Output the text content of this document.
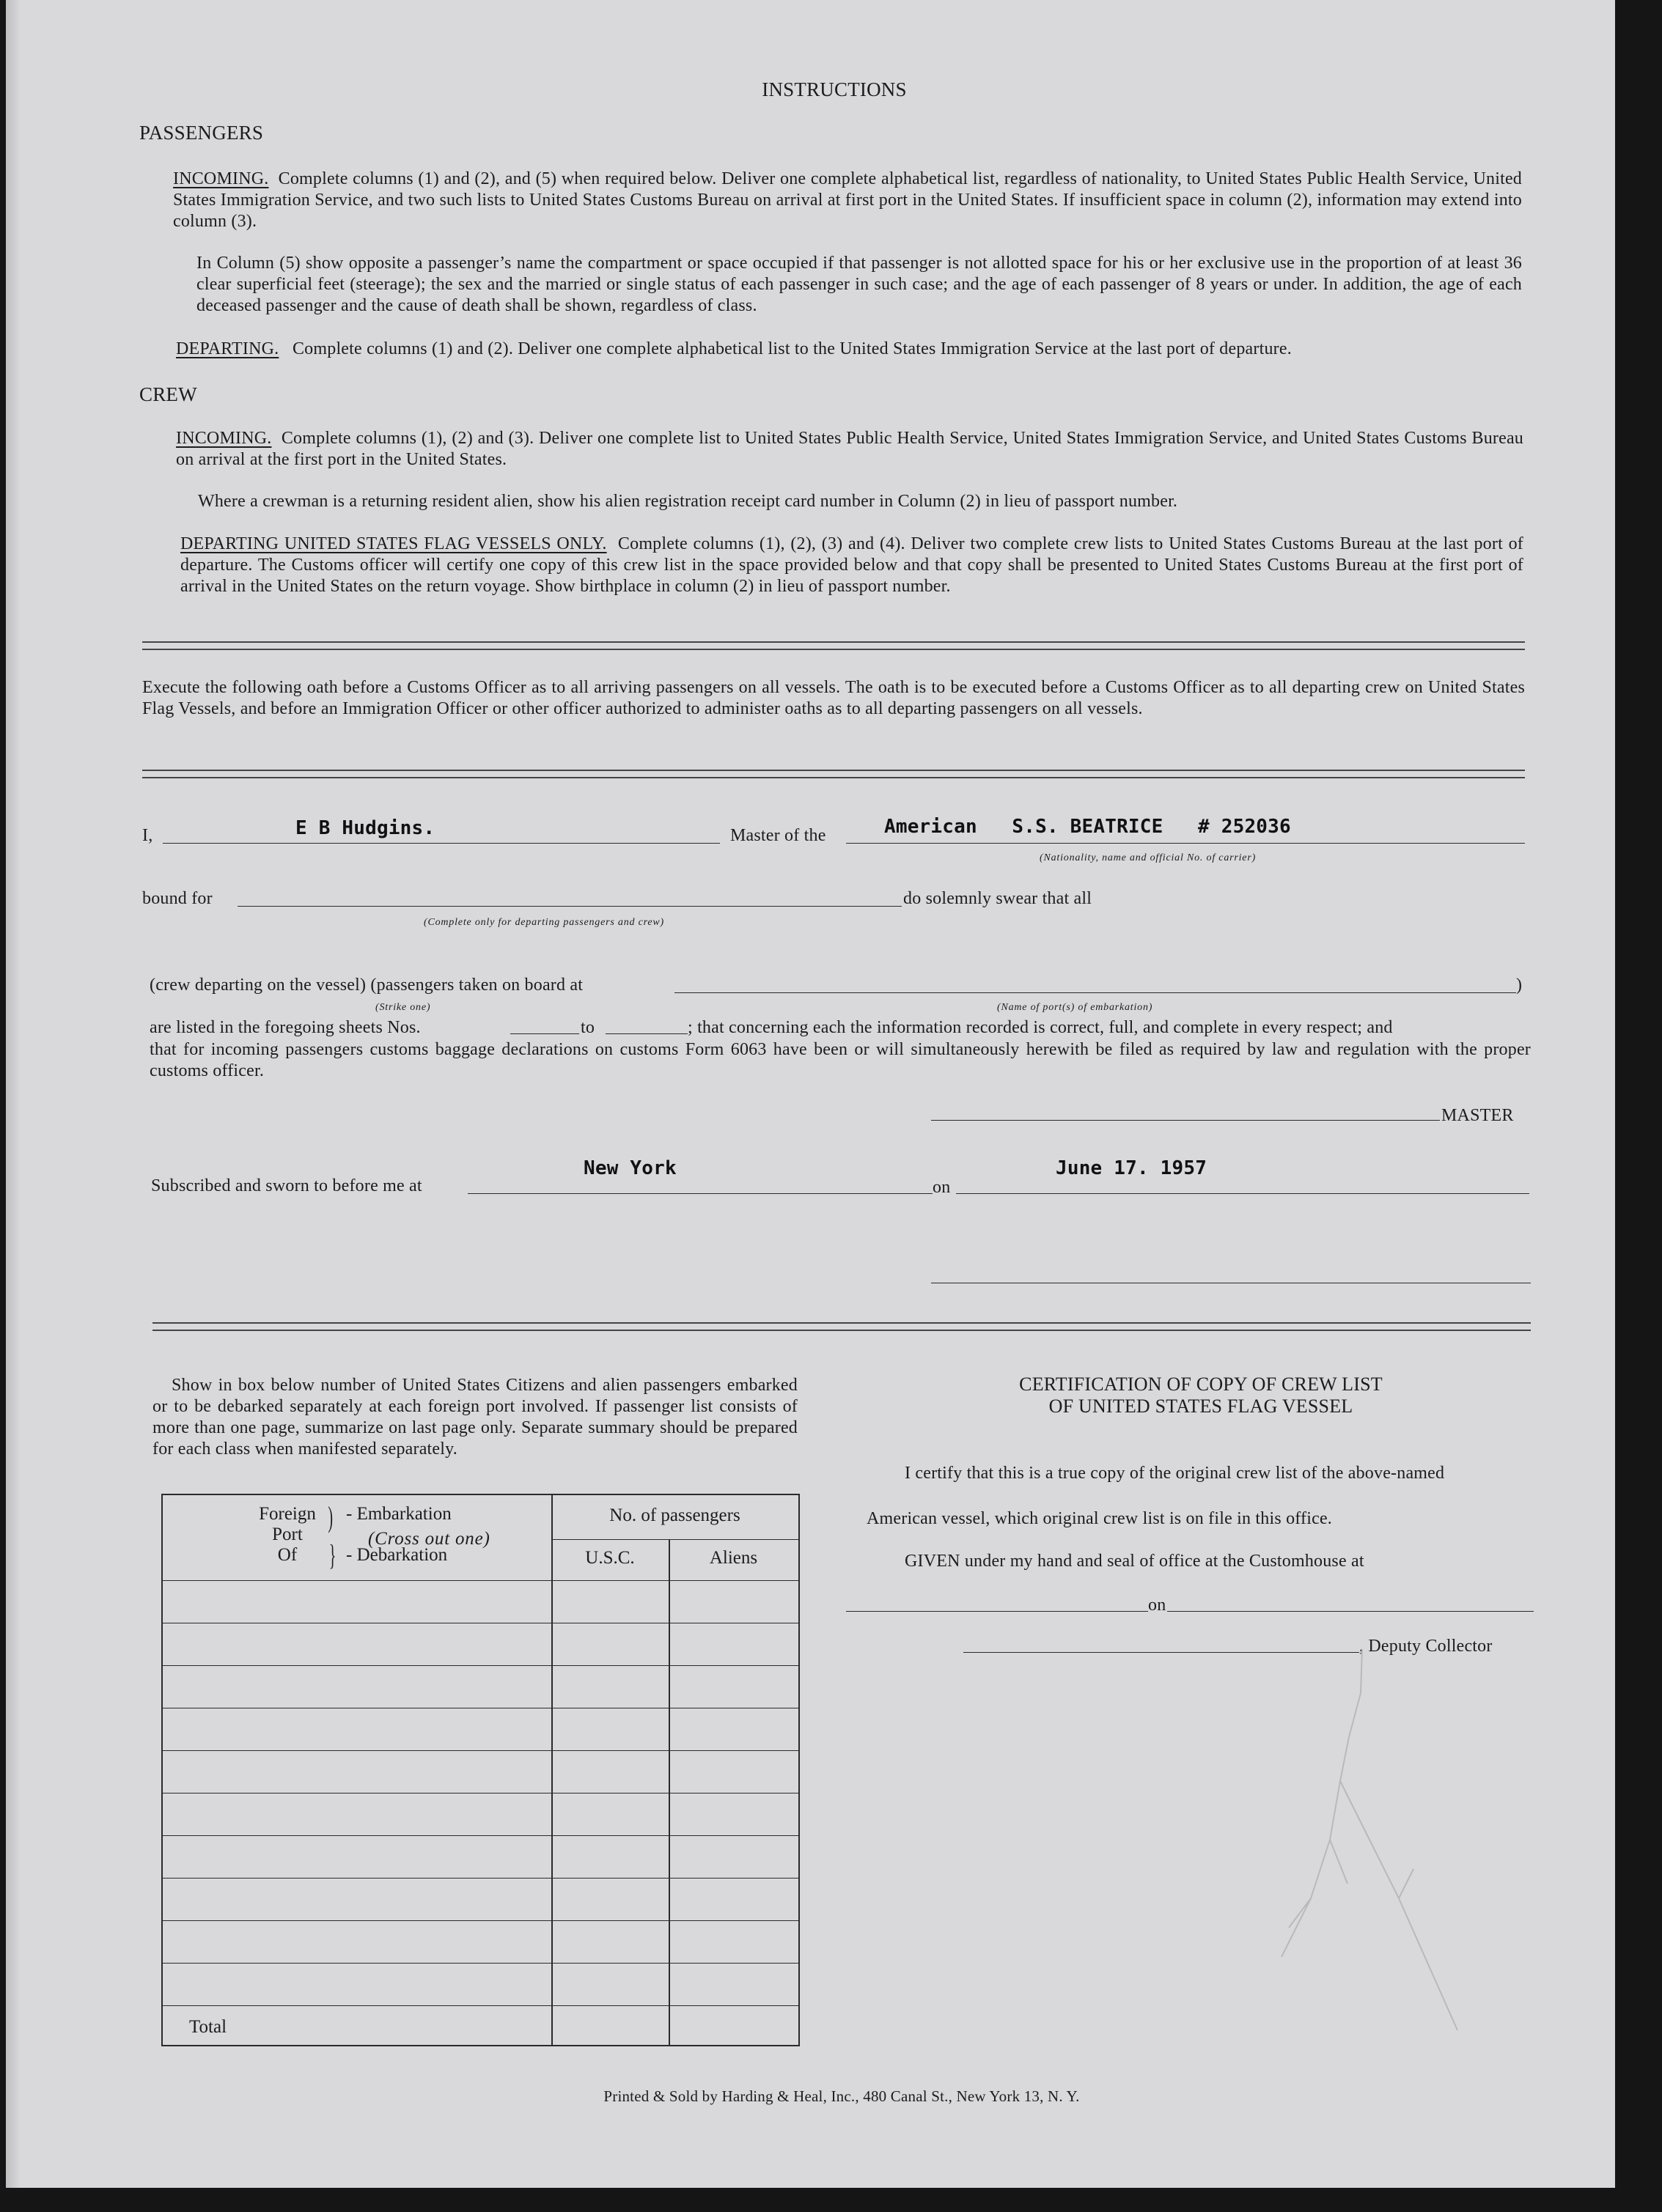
INSTRUCTIONS
PASSENGERS
INCOMING. Complete columns (1) and (2), and (5) when required below. Deliver one complete alphabetical list, regardless of nationality, to United States Public Health Service, United States Immigration Service, and two such lists to United States Customs Bureau on arrival at first port in the United States. If insufficient space in column (2), information may extend into column (3).
In Column (5) show opposite a passenger’s name the compartment or space occupied if that passenger is not allotted space for his or her exclusive use in the proportion of at least 36 clear superficial feet (steerage); the sex and the married or single status of each passenger in such case; and the age of each passenger of 8 years or under. In addition, the age of each deceased passenger and the cause of death shall be shown, regardless of class.
DEPARTING. Complete columns (1) and (2). Deliver one complete alphabetical list to the United States Immigration Service at the last port of departure.
CREW
INCOMING. Complete columns (1), (2) and (3). Deliver one complete list to United States Public Health Service, United States Immigration Service, and United States Customs Bureau on arrival at the first port in the United States.
Where a crewman is a returning resident alien, show his alien registration receipt card number in Column (2) in lieu of passport number.
DEPARTING UNITED STATES FLAG VESSELS ONLY. Complete columns (1), (2), (3) and (4). Deliver two complete crew lists to United States Customs Bureau at the last port of departure. The Customs officer will certify one copy of this crew list in the space provided below and that copy shall be presented to United States Customs Bureau at the first port of arrival in the United States on the return voyage. Show birthplace in column (2) in lieu of passport number.
Execute the following oath before a Customs Officer as to all arriving passengers on all vessels. The oath is to be executed before a Customs Officer as to all departing crew on United States Flag Vessels, and before an Immigration Officer or other officer authorized to administer oaths as to all departing passengers on all vessels.
I,	E B Hudgins.	Master of the	American   S.S. BEATRICE   # 252036
(Nationality, name and official No. of carrier)
bound for
(Complete only for departing passengers and crew)
do solemnly swear that all
(crew departing on the vessel) (passengers taken on board at	)
(Strike one)	(Name of port(s) of embarkation)
are listed in the foregoing sheets Nos.	to	; that concerning each the information recorded is correct, full, and complete in every respect; and
that for incoming passengers customs baggage declarations on customs Form 6063 have been or will simultaneously herewith be filed as required by law and regulation with the proper customs officer.
MASTER
Subscribed and sworn to before me at
New York
on
June 17. 1957
Show in box below number of United States Citizens and alien passengers embarked or to be debarked separately at each foreign port involved. If passenger list consists of more than one page, summarize on last page only. Separate summary should be prepared for each class when manifested separately.
Foreign
Port
Of
)
}
- Embarkation
(Cross out one)
- Debarkation
No. of passengers
U.S.C.	Aliens
Total
CERTIFICATION OF COPY OF CREW LIST
OF UNITED STATES FLAG VESSEL
I certify that this is a true copy of the original crew list of the above-named
American vessel, which original crew list is on file in this office.
GIVEN under my hand and seal of office at the Customhouse at
on
, Deputy Collector
Printed & Sold by Harding & Heal, Inc., 480 Canal St., New York 13, N. Y.
